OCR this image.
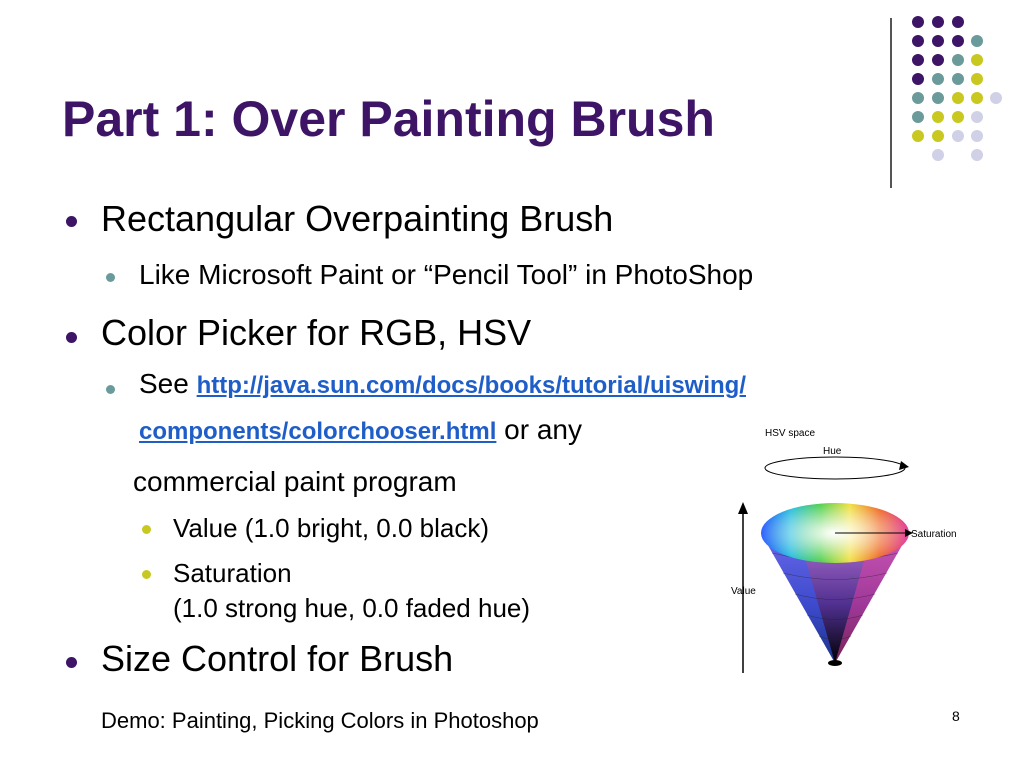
Part 1: Over Painting Brush
Rectangular Overpainting Brush
Like Microsoft Paint or “Pencil Tool” in PhotoShop
Color Picker for RGB, HSV
See http://java.sun.com/docs/books/tutorial/uiswing/
components/colorchooser.html or any
commercial paint program
Value (1.0 bright, 0.0 black)
Saturation
(1.0 strong hue, 0.0 faded hue)
Size Control for Brush
HSV space
Hue
Value
Saturation
Demo: Painting, Picking Colors in Photoshop	8
